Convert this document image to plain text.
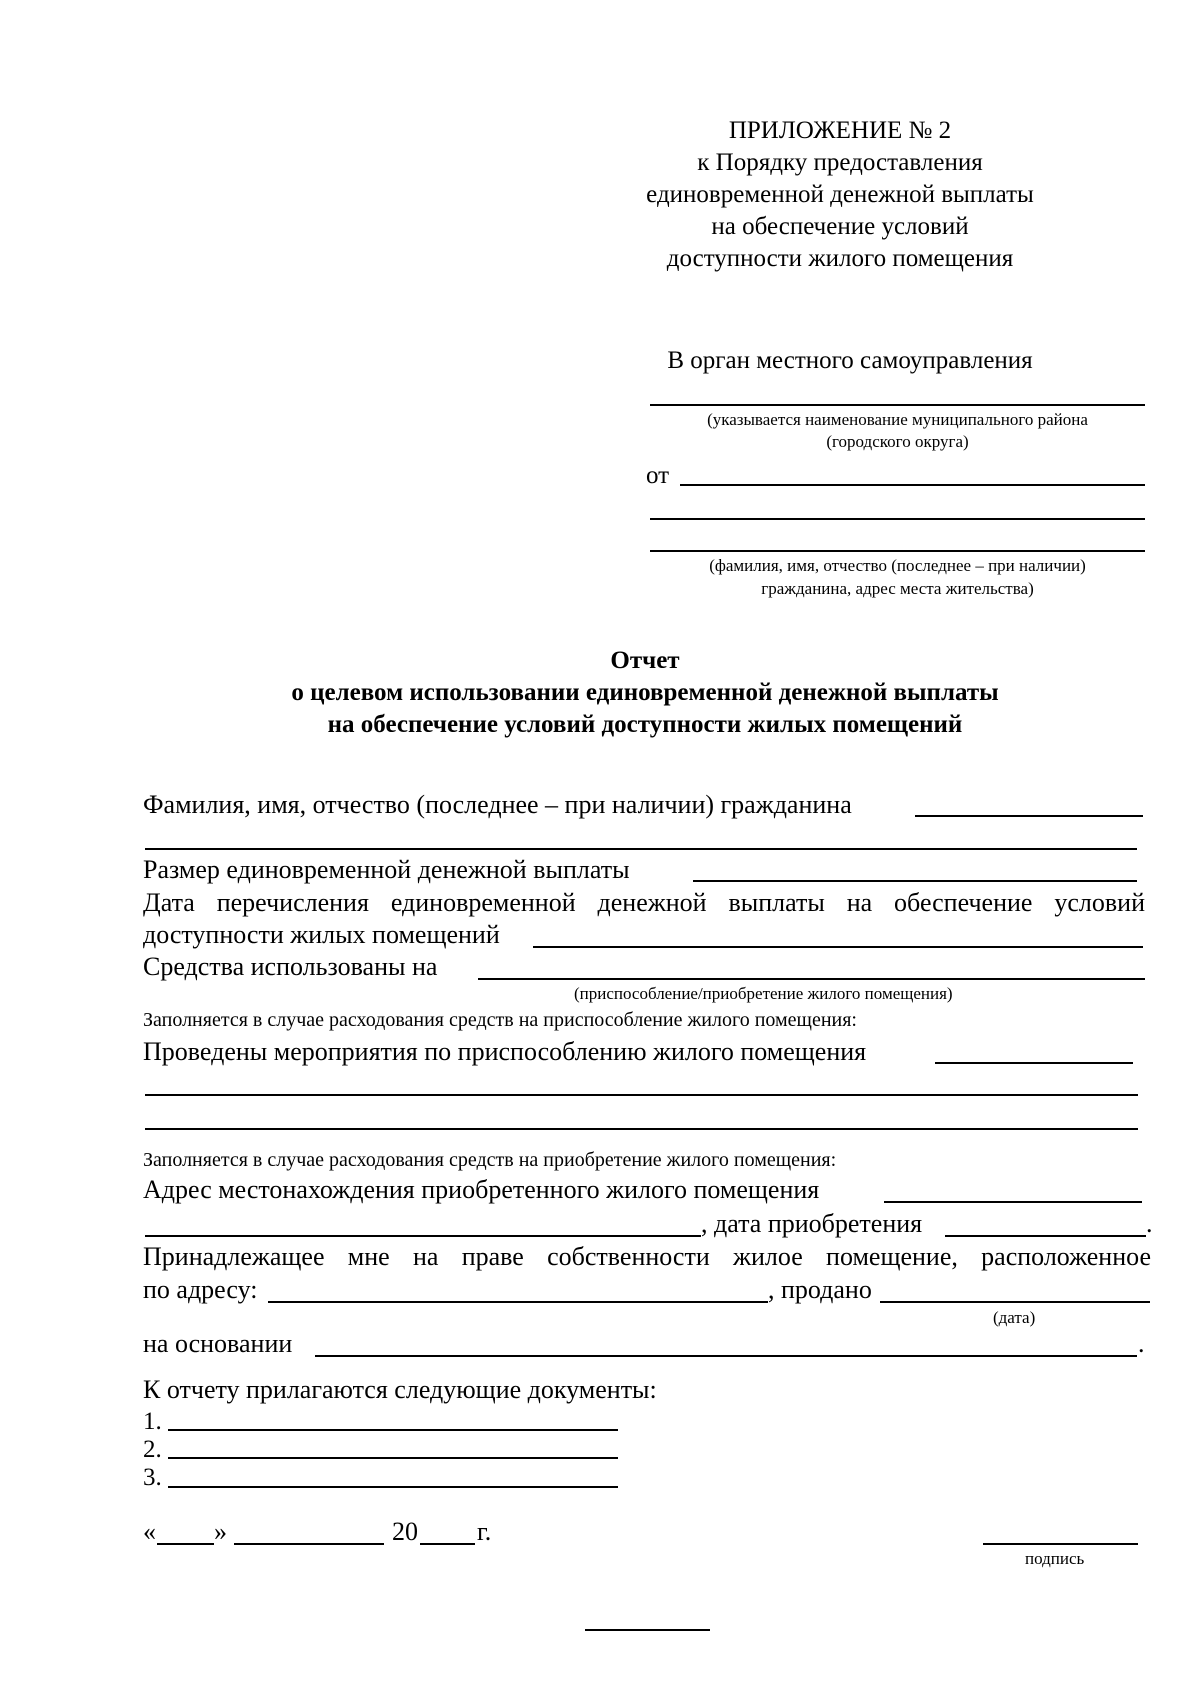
ПРИЛОЖЕНИЕ № 2
к Порядку предоставления
единовременной денежной выплаты
на обеспечение условий
доступности жилого помещения
В орган местного самоуправления
(указывается наименование муниципального района
(городского округа)
от
(фамилия, имя, отчество (последнее – при наличии)
гражданина, адрес места жительства)
Отчет
о целевом использовании единовременной денежной выплаты
на обеспечение условий доступности жилых помещений
Фамилия, имя, отчество (последнее – при наличии) гражданина
Размер единовременной денежной выплаты
Дата перечисления единовременной денежной выплаты на обеспечение условий
доступности жилых помещений
Средства использованы на
(приспособление/приобретение жилого помещения)
Заполняется в случае расходования средств на приспособление жилого помещения:
Проведены мероприятия по приспособлению жилого помещения
Заполняется в случае расходования средств на приобретение жилого помещения:
Адрес местонахождения приобретенного жилого помещения
, дата приобретения	.
Принадлежащее мне на праве собственности жилое помещение, расположенное
по адресу:	, продано
(дата)
на основании	.
К отчету прилагаются следующие документы:
1.
2.
3.
« »	20 г.
подпись
